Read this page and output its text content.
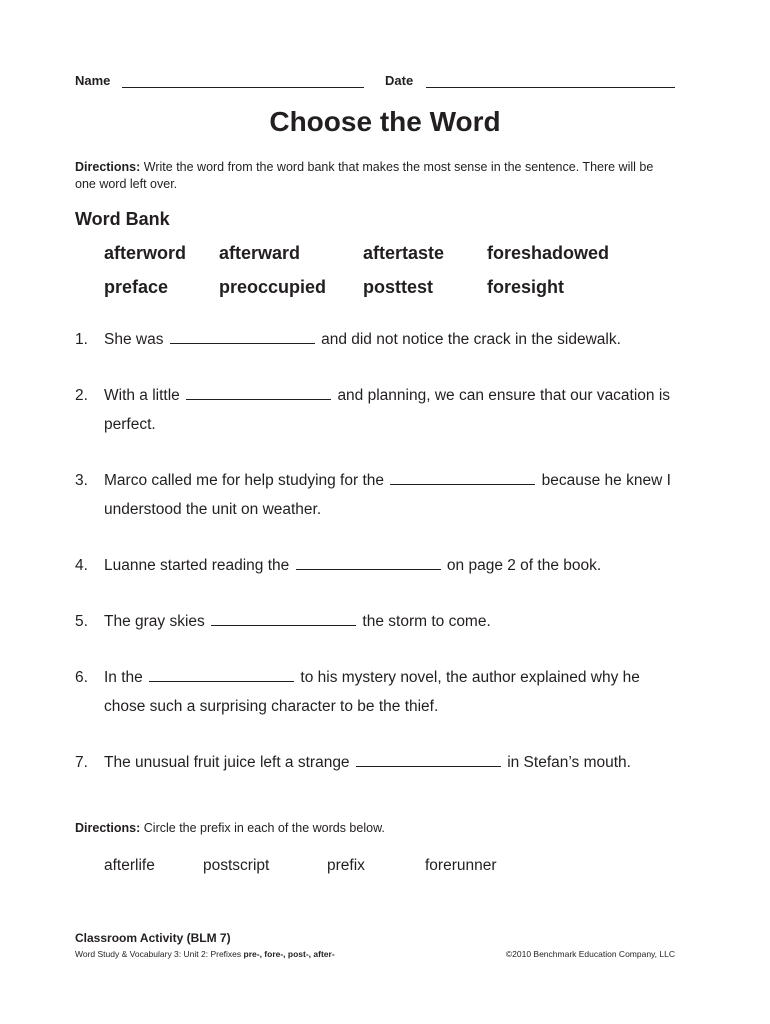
Name	Date
Choose the Word
Directions: Write the word from the word bank that makes the most sense in the sentence. There will be one word left over.
Word Bank
afterword afterward	aftertaste foreshadowed
preface	preoccupied posttest	foresight
1. She was	and did not notice the crack in the sidewalk.
2. With a little	and planning, we can ensure that our vacation is
perfect.
3. Marco called me for help studying for the	because he knew I
understood the unit on weather.
4. Luanne started reading the	on page 2 of the book.
5. The gray skies	the storm to come.
6. In the	to his mystery novel, the author explained why he
chose such a surprising character to be the thief.
7. The unusual fruit juice left a strange	in Stefan’s mouth.
Directions: Circle the prefix in each of the words below.
afterlife	postscript	prefix	forerunner
Classroom Activity (BLM 7)
Word Study & Vocabulary 3: Unit 2: Prefixes pre-, fore-, post-, after-	©2010 Benchmark Education Company, LLC
